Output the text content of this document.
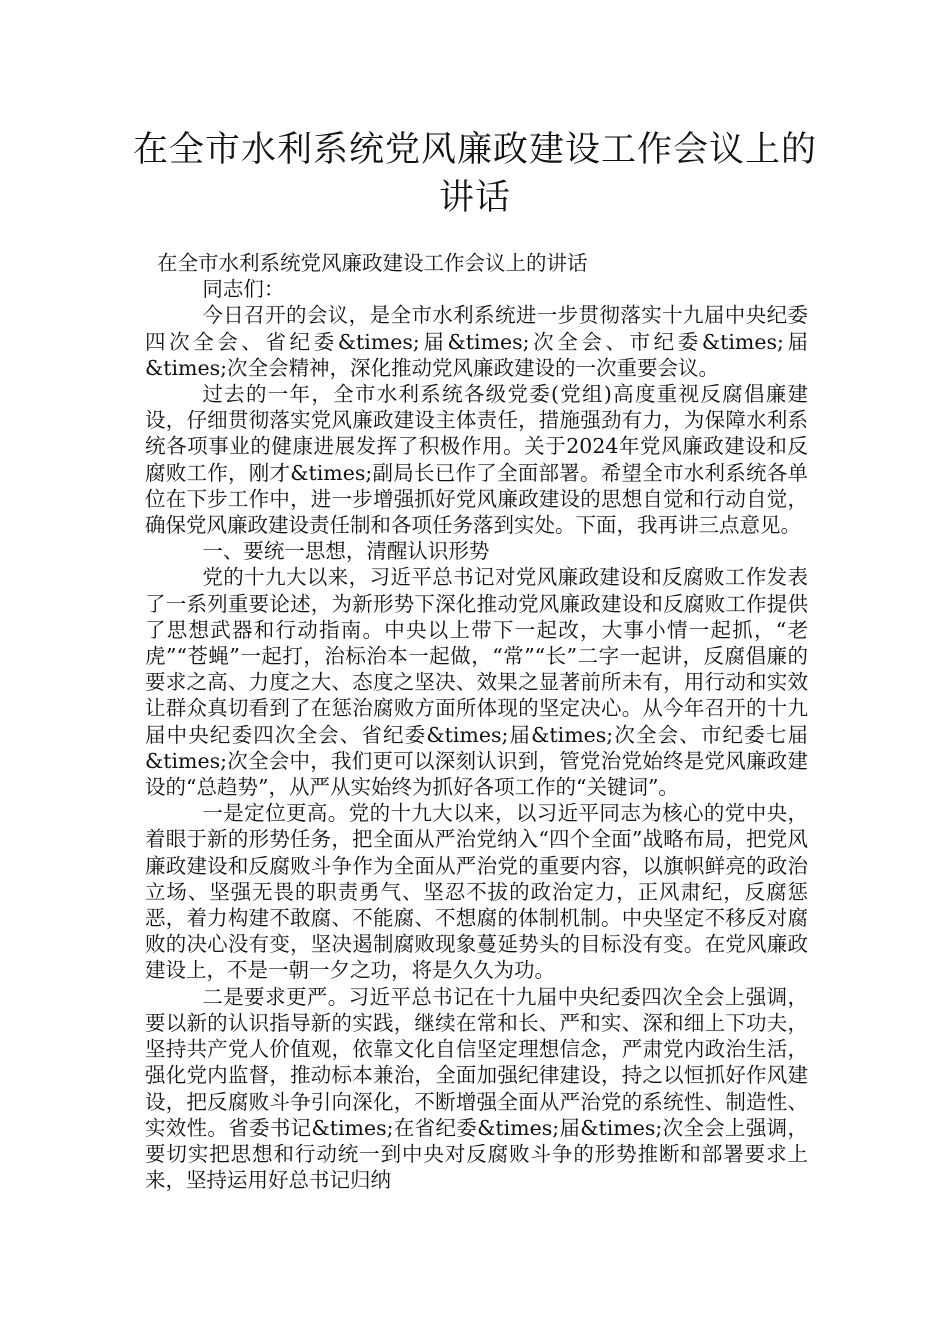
在全市水利系统党风廉政建设工作会议上的讲话

在全市水利系统党风廉政建设工作会议上的讲话

同志们：

今日召开的会议，是全市水利系统进一步贯彻落实十九届中央纪委四次全会、省纪委&times;届&times;次全会、市纪委&times;届&times;次全会精神，深化推动党风廉政建设的一次重要会议。

过去的一年，全市水利系统各级党委(党组)高度重视反腐倡廉建设，仔细贯彻落实党风廉政建设主体责任，措施强劲有力，为保障水利系统各项事业的健康进展发挥了积极作用。关于2024年党风廉政建设和反腐败工作，刚才&times;副局长已作了全面部署。希望全市水利系统各单位在下步工作中，进一步增强抓好党风廉政建设的思想自觉和行动自觉，确保党风廉政建设责任制和各项任务落到实处。下面，我再讲三点意见。

一、要统一思想，清醒认识形势

党的十九大以来，习近平总书记对党风廉政建设和反腐败工作发表了一系列重要论述，为新形势下深化推动党风廉政建设和反腐败工作提供了思想武器和行动指南。中央以上带下一起改，大事小情一起抓，“老虎”“苍蝇”一起打，治标治本一起做，“常”“长”二字一起讲，反腐倡廉的要求之高、力度之大、态度之坚决、效果之显著前所未有，用行动和实效让群众真切看到了在惩治腐败方面所体现的坚定决心。从今年召开的十九届中央纪委四次全会、省纪委&times;届&times;次全会、市纪委七届&times;次全会中，我们更可以深刻认识到，管党治党始终是党风廉政建设的“总趋势”，从严从实始终为抓好各项工作的“关键词”。

一是定位更高。党的十九大以来，以习近平同志为核心的党中央，着眼于新的形势任务，把全面从严治党纳入“四个全面”战略布局，把党风廉政建设和反腐败斗争作为全面从严治党的重要内容，以旗帜鲜亮的政治立场、坚强无畏的职责勇气、坚忍不拔的政治定力，正风肃纪，反腐惩恶，着力构建不敢腐、不能腐、不想腐的体制机制。中央坚定不移反对腐败的决心没有变，坚决遏制腐败现象蔓延势头的目标没有变。在党风廉政建设上，不是一朝一夕之功，将是久久为功。

二是要求更严。习近平总书记在十九届中央纪委四次全会上强调，要以新的认识指导新的实践，继续在常和长、严和实、深和细上下功夫，坚持共产党人价值观，依靠文化自信坚定理想信念，严肃党内政治生活，强化党内监督，推动标本兼治，全面加强纪律建设，持之以恒抓好作风建设，把反腐败斗争引向深化，不断增强全面从严治党的系统性、制造性、实效性。省委书记&times;在省纪委&times;届&times;次全会上强调，要切实把思想和行动统一到中央对反腐败斗争的形势推断和部署要求上来，坚持运用好总书记归纳
